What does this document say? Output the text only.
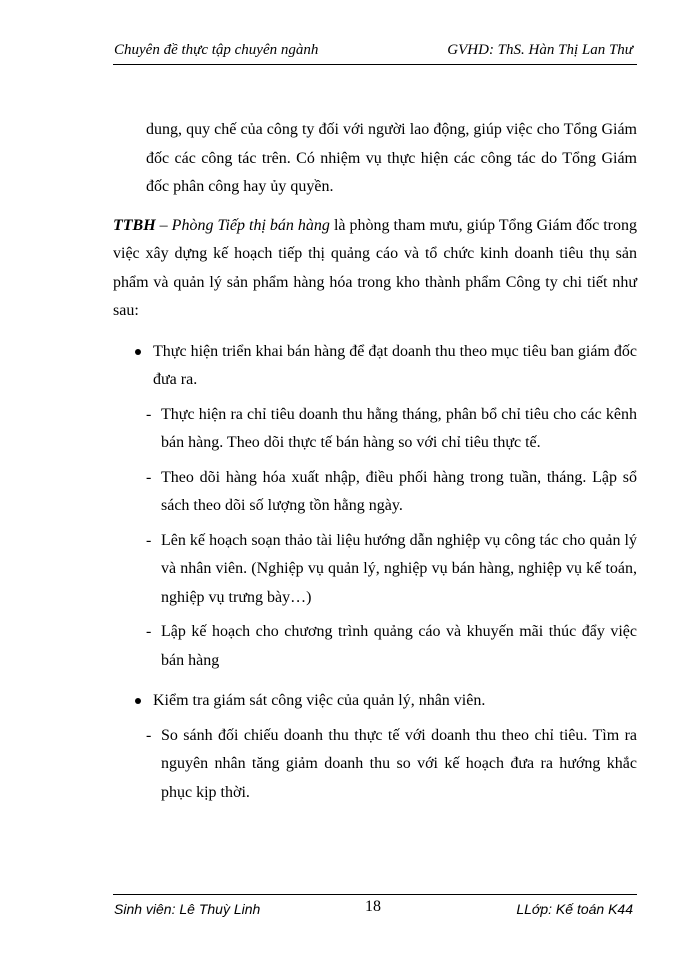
Chuyên đề thực tập chuyên ngành	GVHD: ThS. Hàn Thị Lan Thư

dung, quy chế của công ty đối với người lao động, giúp việc cho Tổng Giám đốc các công tác trên. Có nhiệm vụ thực hiện các công tác do Tổng Giám đốc phân công hay ủy quyền.

TTBH – Phòng Tiếp thị bán hàng là phòng tham mưu, giúp Tổng Giám đốc trong việc xây dựng kế hoạch tiếp thị quảng cáo và tổ chức kinh doanh tiêu thụ sản phẩm và quản lý sản phẩm hàng hóa trong kho thành phẩm Công ty chi tiết như sau:

Thực hiện triển khai bán hàng để đạt doanh thu theo mục tiêu ban giám đốc đưa ra.
- Thực hiện ra chỉ tiêu doanh thu hằng tháng, phân bổ chỉ tiêu cho các kênh bán hàng. Theo dõi thực tế bán hàng so với chỉ tiêu thực tế.
- Theo dõi hàng hóa xuất nhập, điều phối hàng trong tuần, tháng. Lập sổ sách theo dõi số lượng tồn hằng ngày.
- Lên kế hoạch soạn thảo tài liệu hướng dẫn nghiệp vụ công tác cho quản lý và nhân viên. (Nghiệp vụ quản lý, nghiệp vụ bán hàng, nghiệp vụ kế toán, nghiệp vụ trưng bày…)
- Lập kế hoạch cho chương trình quảng cáo và khuyến mãi thúc đẩy việc bán hàng
Kiểm tra giám sát công việc của quản lý, nhân viên.
- So sánh đối chiếu doanh thu thực tế với doanh thu theo chỉ tiêu. Tìm ra nguyên nhân tăng giảm doanh thu so với kế hoạch đưa ra hướng khắc phục kịp thời.
Sinh viên: Lê Thuỳ Linh	18	LLớp: Kế toán K44
